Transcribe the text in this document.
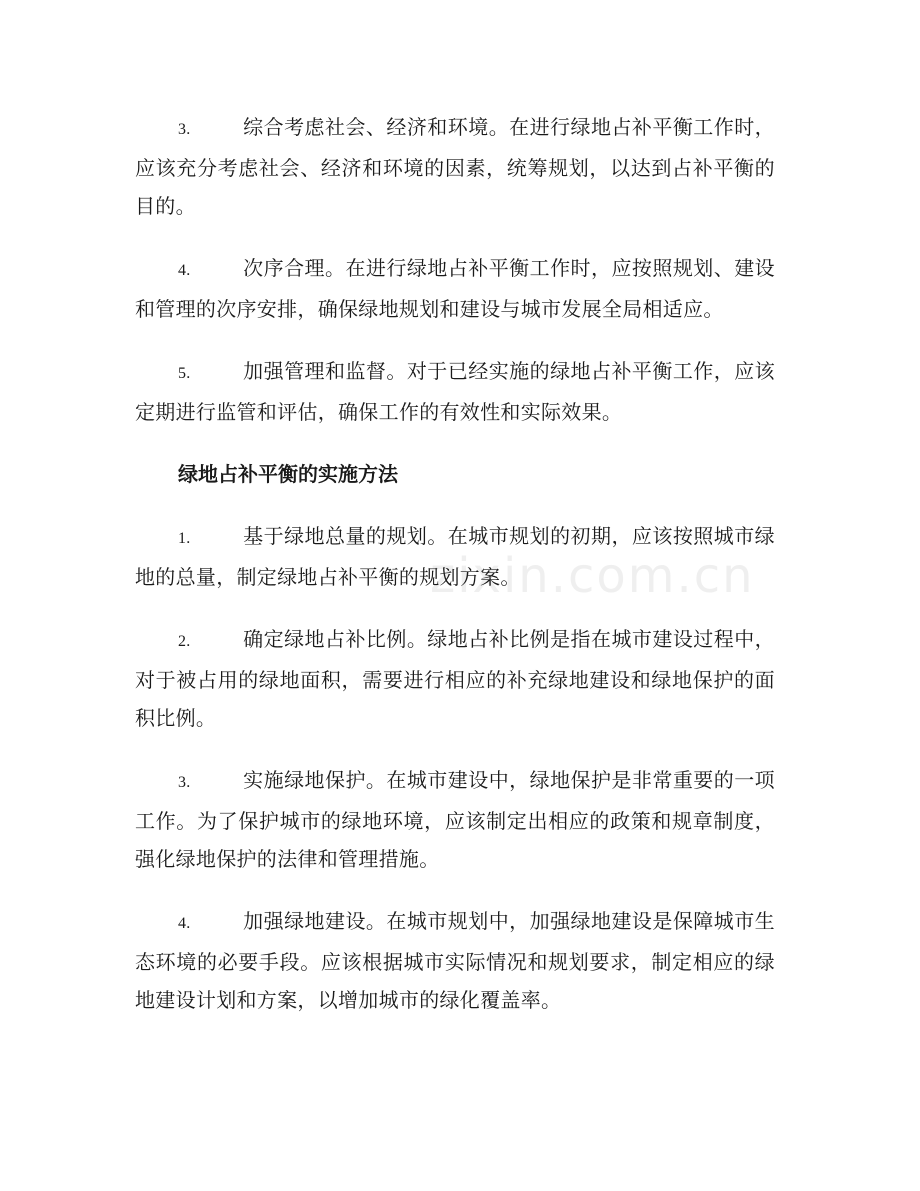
zixin.com.cn

3.	综合考虑社会、经济和环境。在进行绿地占补平衡工作时，应该充分考虑社会、经济和环境的因素，统筹规划，以达到占补平衡的目的。

4.	次序合理。在进行绿地占补平衡工作时，应按照规划、建设和管理的次序安排，确保绿地规划和建设与城市发展全局相适应。

5.	加强管理和监督。对于已经实施的绿地占补平衡工作，应该定期进行监管和评估，确保工作的有效性和实际效果。

绿地占补平衡的实施方法

1.	基于绿地总量的规划。在城市规划的初期，应该按照城市绿地的总量，制定绿地占补平衡的规划方案。

2.	确定绿地占补比例。绿地占补比例是指在城市建设过程中，对于被占用的绿地面积，需要进行相应的补充绿地建设和绿地保护的面积比例。

3.	实施绿地保护。在城市建设中，绿地保护是非常重要的一项工作。为了保护城市的绿地环境，应该制定出相应的政策和规章制度，强化绿地保护的法律和管理措施。

4.	加强绿地建设。在城市规划中，加强绿地建设是保障城市生态环境的必要手段。应该根据城市实际情况和规划要求，制定相应的绿地建设计划和方案，以增加城市的绿化覆盖率。
